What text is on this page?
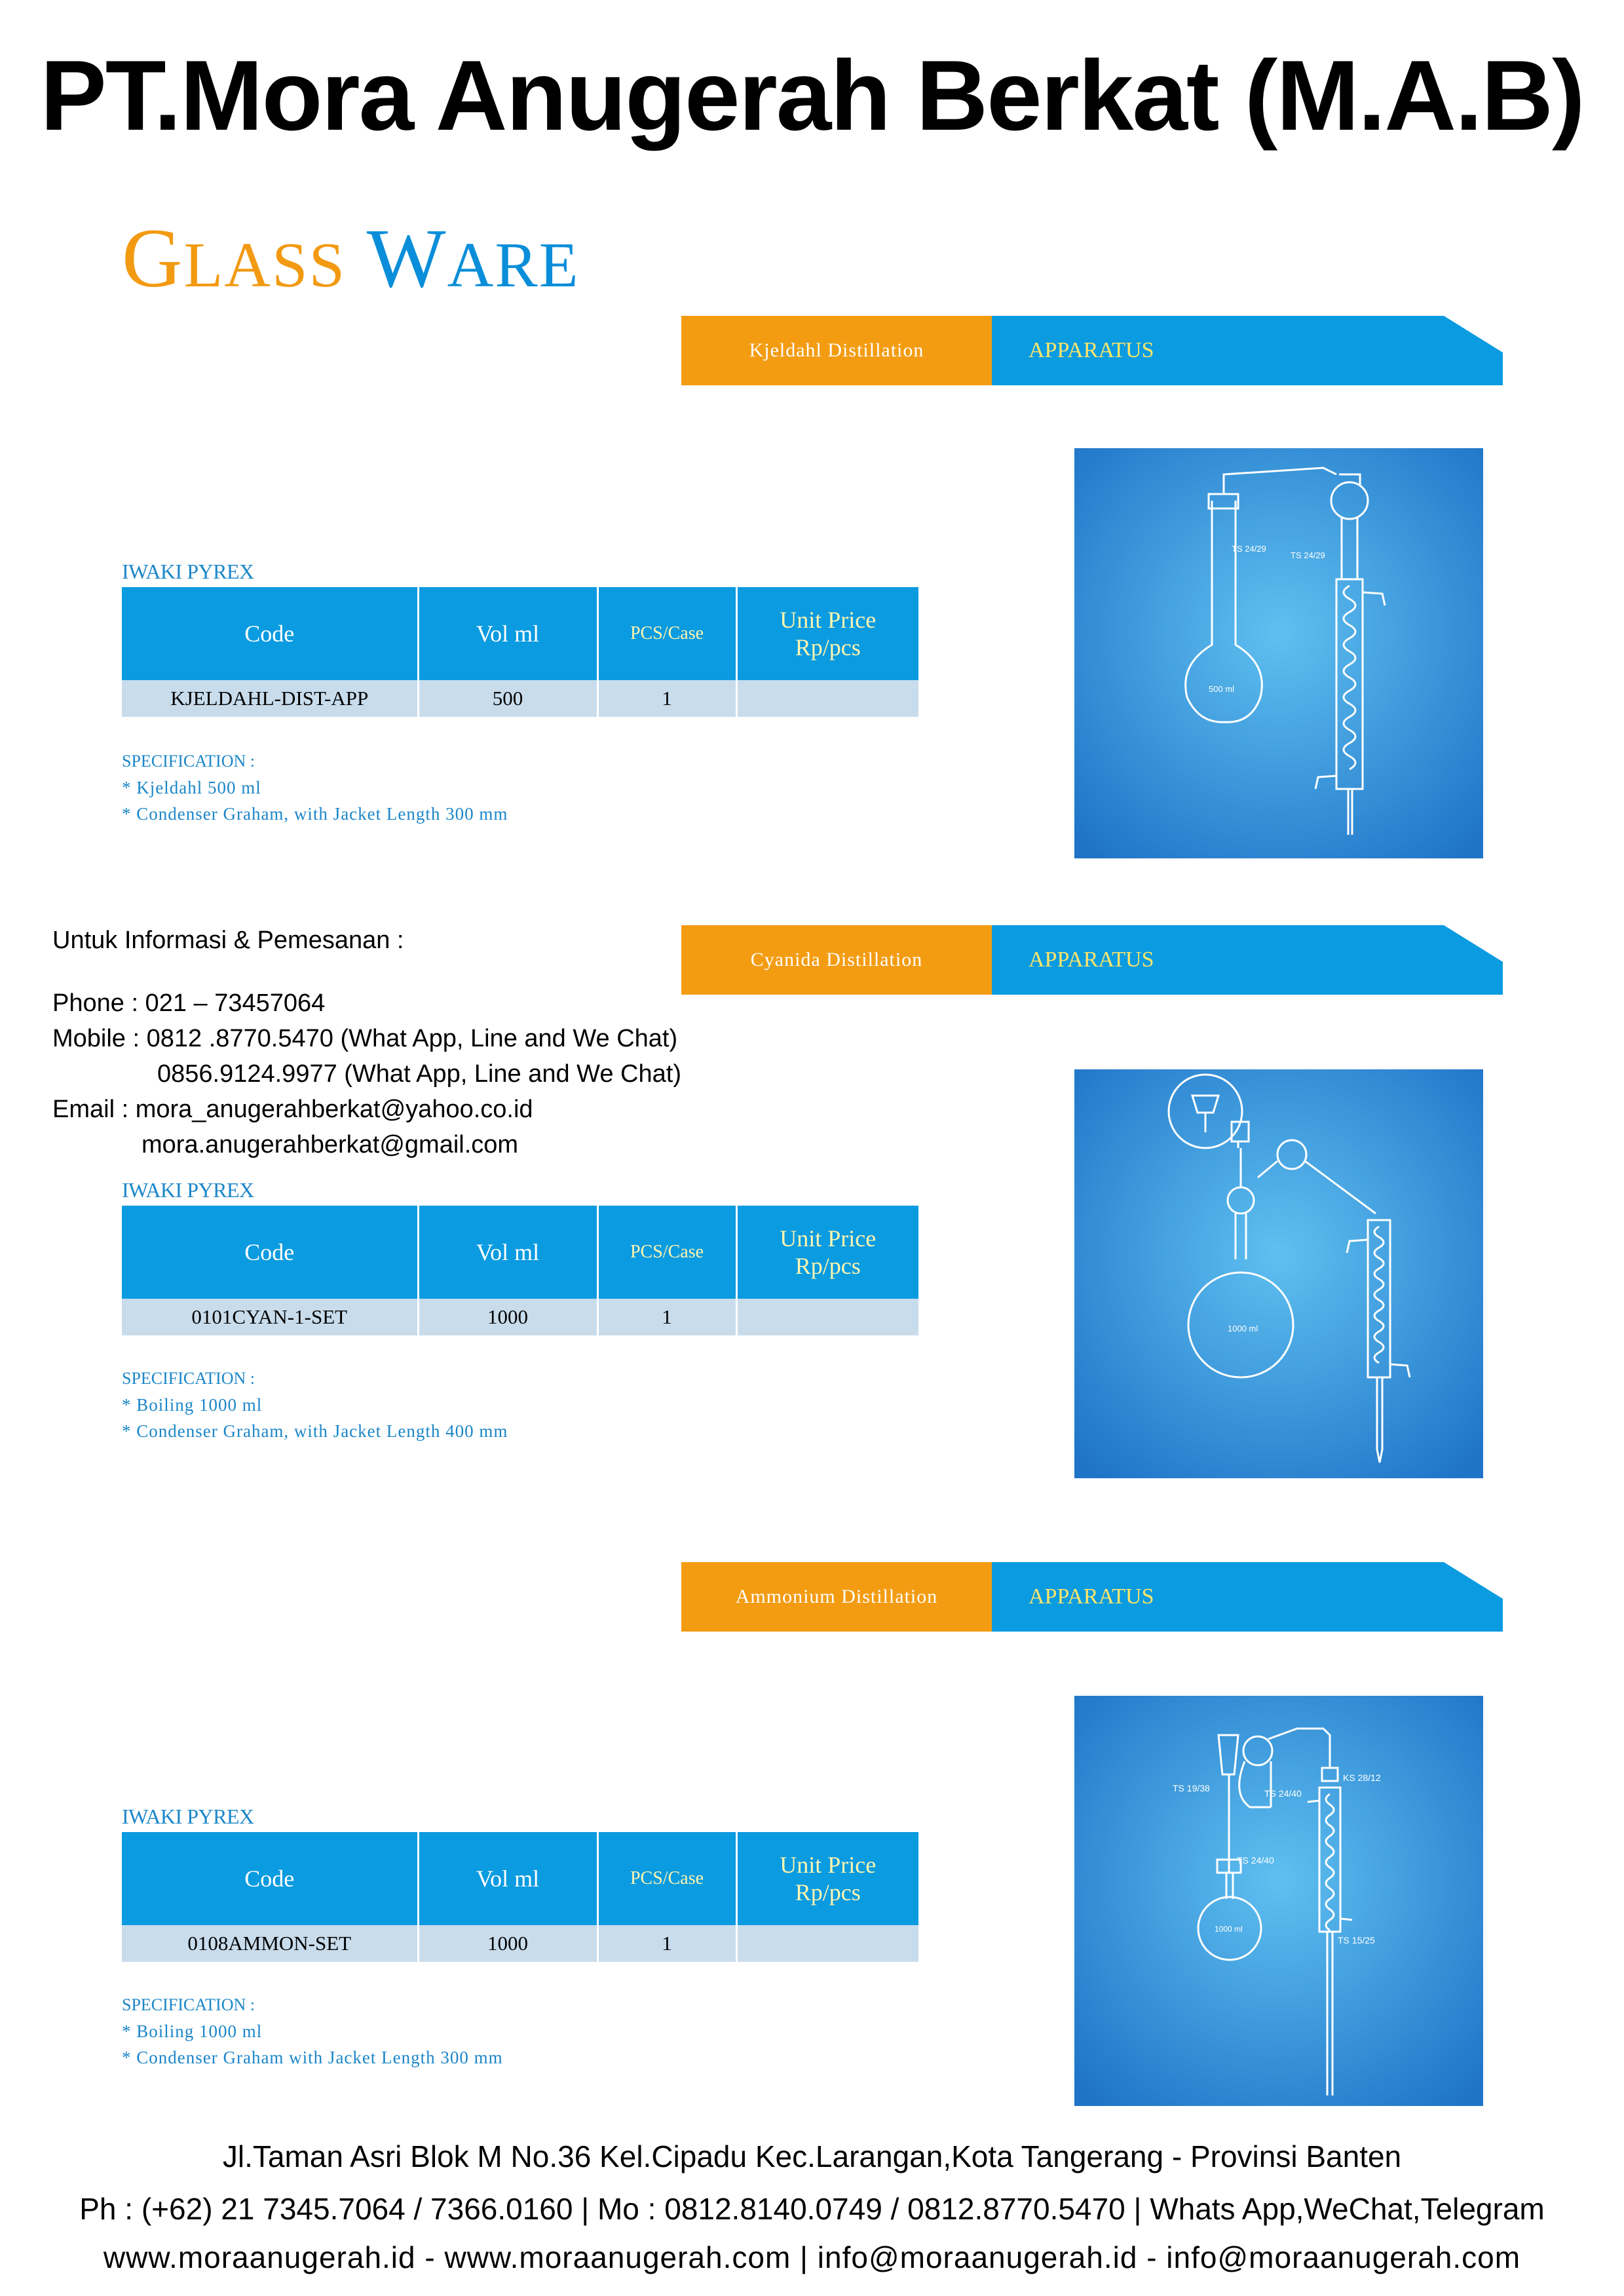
PT.Mora Anugerah Berkat (M.A.B)
GLASS WARE
Kjeldahl Distillation	APPARATUS
IWAKI PYREX
Code	Vol ml	PCS/Case	Unit Price
Rp/pcs
KJELDAHL-DIST-APP	500	1	
SPECIFICATION :
* Kjeldahl 500 ml
* Condenser Graham, with Jacket Length 300 mm
TS 24/29
TS 24/29
500 ml
Untuk Informasi & Pemesanan :
Phone : 021 – 73457064
Mobile : 0812 .8770.5470 (What App, Line and We Chat)
0856.9124.9977 (What App, Line and We Chat)
Email : mora_anugerahberkat@yahoo.co.id
mora.anugerahberkat@gmail.com
Cyanida Distillation	APPARATUS
IWAKI PYREX
Code	Vol ml	PCS/Case	Unit Price
Rp/pcs
0101CYAN-1-SET	1000	1	
SPECIFICATION :
* Boiling 1000 ml
* Condenser Graham, with Jacket Length 400 mm
1000 ml
Ammonium Distillation	APPARATUS
IWAKI PYREX
Code	Vol ml	PCS/Case	Unit Price
Rp/pcs
0108AMMON-SET	1000	1	
SPECIFICATION :
* Boiling 1000 ml
* Condenser Graham with Jacket Length 300 mm
TS 19/38	TS 24/40
KS 28/12
TS 24/40
1000 ml
TS 15/25
Jl.Taman Asri Blok M No.36 Kel.Cipadu Kec.Larangan,Kota Tangerang - Provinsi Banten
Ph : (+62) 21 7345.7064 / 7366.0160 | Mo : 0812.8140.0749 / 0812.8770.5470 | Whats App,WeChat,Telegram
www.moraanugerah.id - www.moraanugerah.com | info@moraanugerah.id - info@moraanugerah.com
